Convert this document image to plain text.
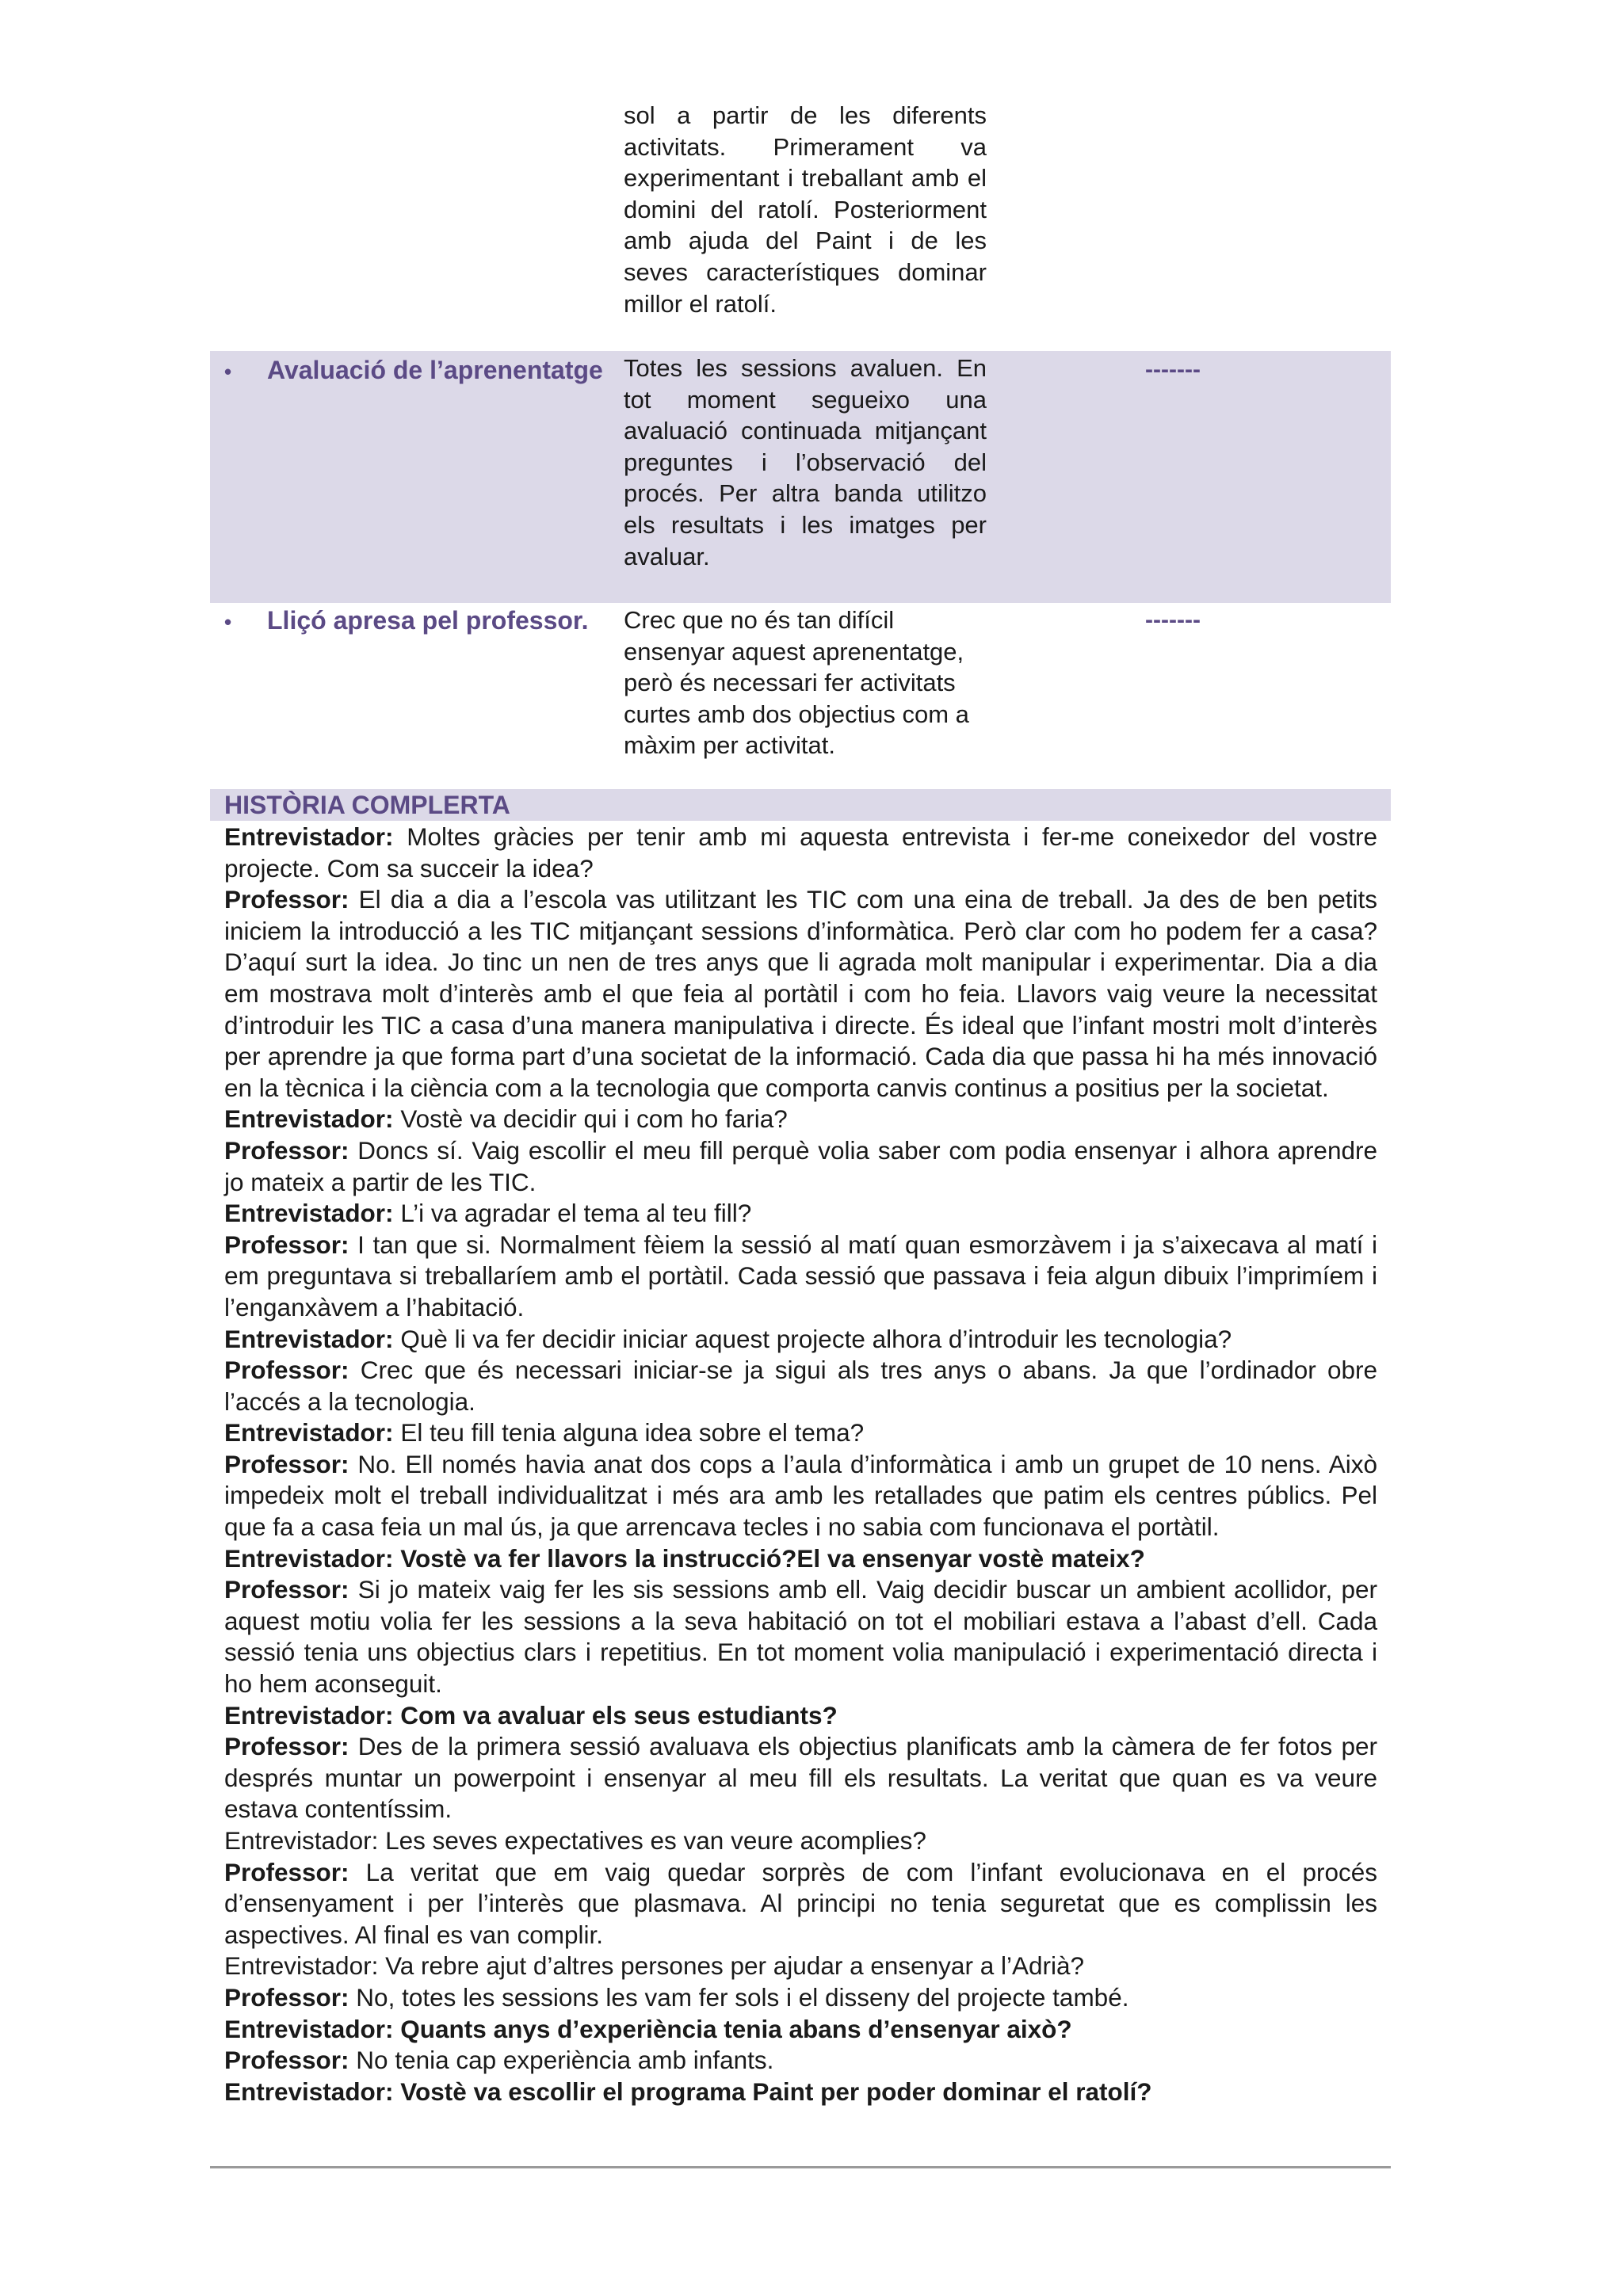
sol a partir de les diferents activitats. Primerament va experimentant i treballant amb el domini del ratolí. Posteriorment amb ajuda del Paint i de les seves característiques dominar millor el ratolí.
• Avaluació de l’aprenentatge Totes les sessions avaluen. En tot moment segueixo una avaluació continuada mitjançant preguntes i l’observació del procés. Per altra banda utilitzo els resultats i les imatges per avaluar.
-------
• Lliçó apresa pel professor.	Crec que no és tan difícil ensenyar aquest aprenentatge, però és necessari fer activitats curtes amb dos objectius com a màxim per activitat.
-------
HISTÒRIA COMPLERTA

Entrevistador: Moltes gràcies per tenir amb mi aquesta entrevista i fer-me coneixedor del vostre projecte. Com sa succeir la idea?

Professor: El dia a dia a l’escola vas utilitzant les TIC com una eina de treball. Ja des de ben petits iniciem la introducció a les TIC mitjançant sessions d’informàtica. Però clar com ho podem fer a casa? D’aquí surt la idea. Jo tinc un nen de tres anys que li agrada molt manipular i experimentar. Dia a dia em mostrava molt d’interès amb el que feia al portàtil i com ho feia. Llavors vaig veure la necessitat d’introduir les TIC a casa d’una manera manipulativa i directe. És ideal que l’infant mostri molt d’interès per aprendre ja que forma part d’una societat de la informació. Cada dia que passa hi ha més innovació en la tècnica i la ciència com a la tecnologia que comporta canvis continus a positius per la societat.

Entrevistador: Vostè va decidir qui i com ho faria?

Professor: Doncs sí. Vaig escollir el meu fill perquè volia saber com podia ensenyar i alhora aprendre jo mateix a partir de les TIC.

Entrevistador: L’i va agradar el tema al teu fill?

Professor: I tan que si. Normalment fèiem la sessió al matí quan esmorzàvem i ja s’aixecava al matí i em preguntava si treballaríem amb el portàtil. Cada sessió que passava i feia algun dibuix l’imprimíem i l’enganxàvem a l’habitació.

Entrevistador: Què li va fer decidir iniciar aquest projecte alhora d’introduir les tecnologia?

Professor: Crec que és necessari iniciar-se ja sigui als tres anys o abans. Ja que l’ordinador obre l’accés a la tecnologia.

Entrevistador: El teu fill tenia alguna idea sobre el tema?

Professor: No. Ell només havia anat dos cops a l’aula d’informàtica i amb un grupet de 10 nens. Això impedeix molt el treball individualitzat i més ara amb les retallades que patim els centres públics. Pel que fa a casa feia un mal ús, ja que arrencava tecles i no sabia com funcionava el portàtil.

Entrevistador: Vostè va fer llavors la instrucció?El va ensenyar vostè mateix?

Professor: Si jo mateix vaig fer les sis sessions amb ell. Vaig decidir buscar un ambient acollidor, per aquest motiu volia fer les sessions a la seva habitació on tot el mobiliari estava a l’abast d’ell. Cada sessió tenia uns objectius clars i repetitius. En tot moment volia manipulació i experimentació directa i ho hem aconseguit.

Entrevistador: Com va avaluar els seus estudiants?

Professor: Des de la primera sessió avaluava els objectius planificats amb la càmera de fer fotos per després muntar un powerpoint i ensenyar al meu fill els resultats. La veritat que quan es va veure estava contentíssim.

Entrevistador: Les seves expectatives es van veure acomplies?

Professor: La veritat que em vaig quedar sorprès de com l’infant evolucionava en el procés d’ensenyament i per l’interès que plasmava. Al principi no tenia seguretat que es complissin les aspectives. Al final es van complir.

Entrevistador: Va rebre ajut d’altres persones per ajudar a ensenyar a l’Adrià?

Professor: No, totes les sessions les vam fer sols i el disseny del projecte també.

Entrevistador: Quants anys d’experiència tenia abans d’ensenyar això?

Professor: No tenia cap experiència amb infants.

Entrevistador: Vostè va escollir el programa Paint per poder dominar el ratolí?
